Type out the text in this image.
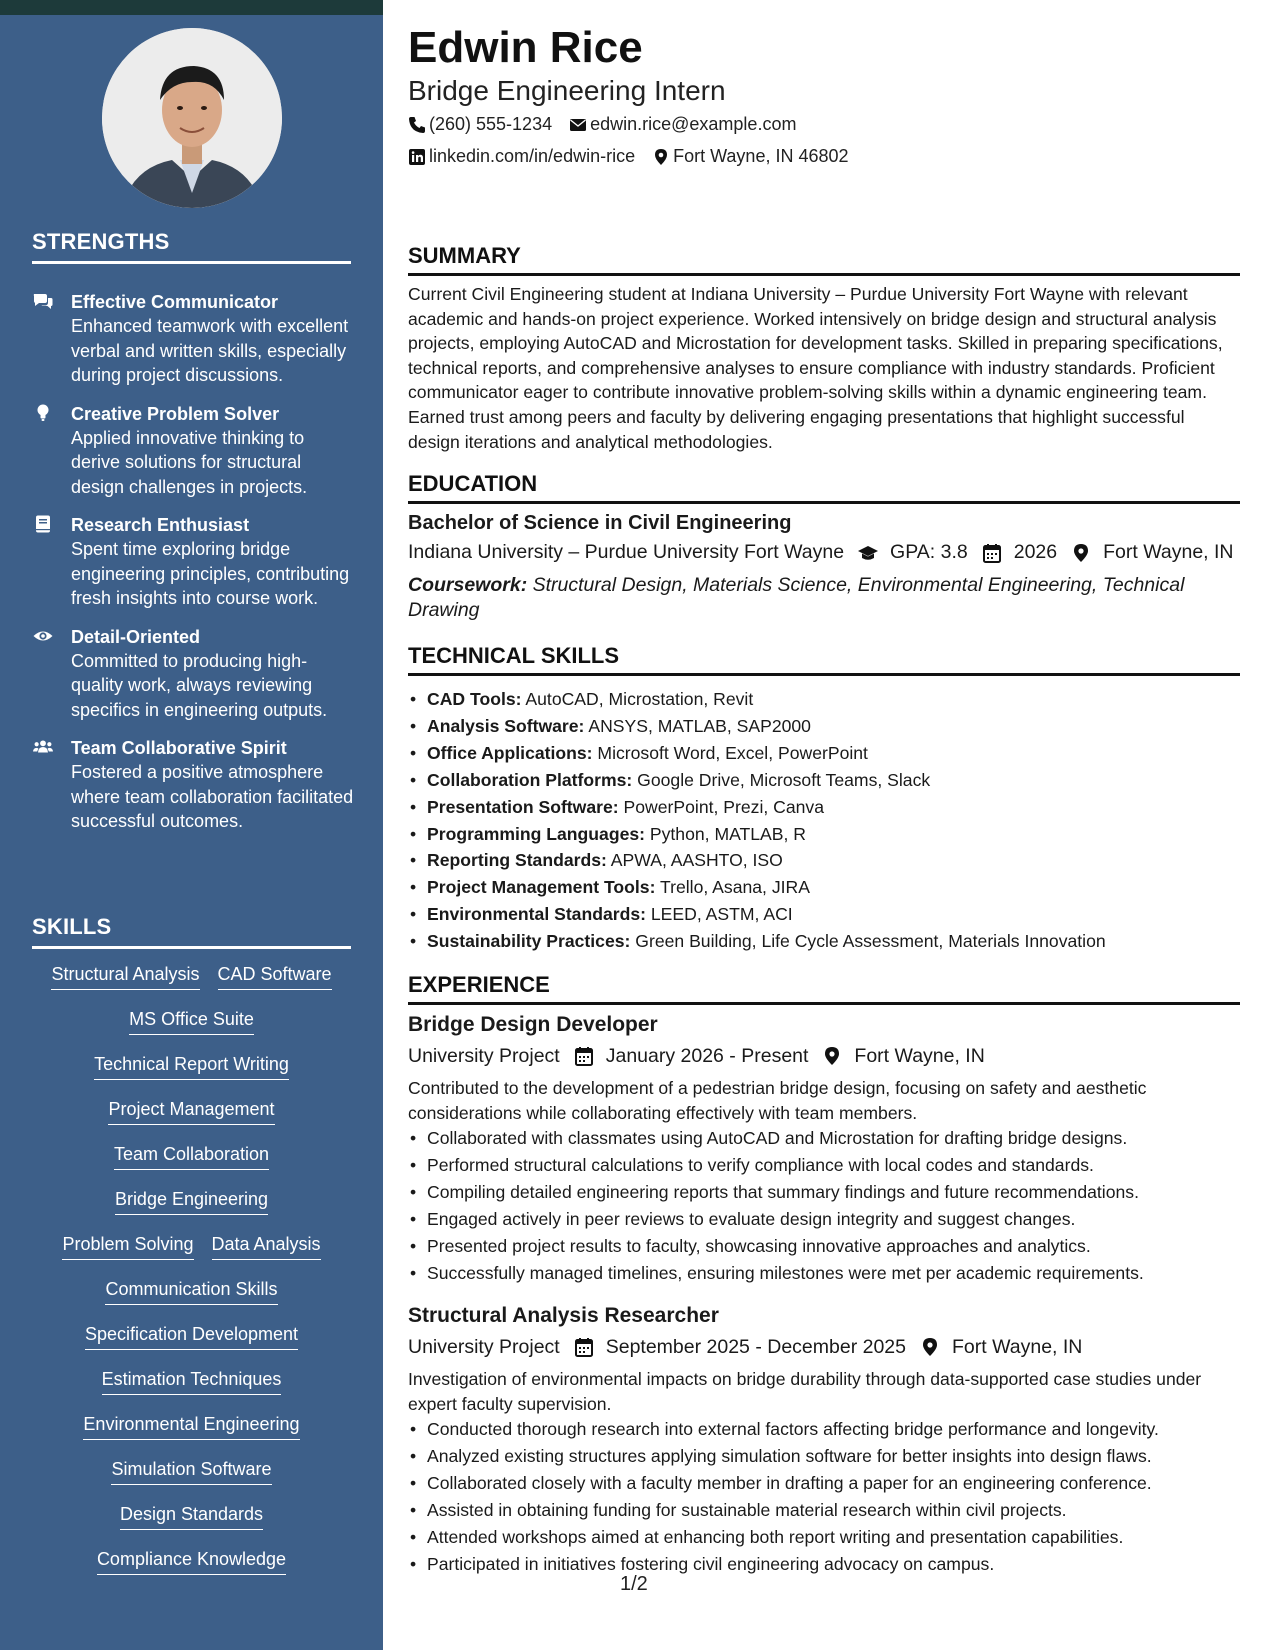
STRENGTHS
Effective Communicator
Enhanced teamwork with excellent verbal and written skills, especially during project discussions.
Creative Problem Solver
Applied innovative thinking to derive solutions for structural design challenges in projects.
Research Enthusiast
Spent time exploring bridge engineering principles, contributing fresh insights into course work.
Detail-Oriented
Committed to producing high-quality work, always reviewing specifics in engineering outputs.
Team Collaborative Spirit
Fostered a positive atmosphere where team collaboration facilitated successful outcomes.
SKILLS
Structural Analysis CAD Software
MS Office Suite
Technical Report Writing
Project Management
Team Collaboration
Bridge Engineering
Problem Solving Data Analysis
Communication Skills
Specification Development
Estimation Techniques
Environmental Engineering
Simulation Software
Design Standards
Compliance Knowledge
Edwin Rice
Bridge Engineering Intern
(260) 555-1234 edwin.rice@example.com
linkedin.com/in/edwin-rice Fort Wayne, IN 46802
SUMMARY
Current Civil Engineering student at Indiana University – Purdue University Fort Wayne with relevant academic and hands-on project experience. Worked intensively on bridge design and structural analysis projects, employing AutoCAD and Microstation for development tasks. Skilled in preparing specifications, technical reports, and comprehensive analyses to ensure compliance with industry standards. Proficient communicator eager to contribute innovative problem-solving skills within a dynamic engineering team. Earned trust among peers and faculty by delivering engaging presentations that highlight successful design iterations and analytical methodologies.
EDUCATION
Bachelor of Science in Civil Engineering
Indiana University – Purdue University Fort Wayne GPA: 3.8 2026 Fort Wayne, IN
Coursework: Structural Design, Materials Science, Environmental Engineering, Technical Drawing
TECHNICAL SKILLS
• CAD Tools: AutoCAD, Microstation, Revit
• Analysis Software: ANSYS, MATLAB, SAP2000
• Office Applications: Microsoft Word, Excel, PowerPoint
• Collaboration Platforms: Google Drive, Microsoft Teams, Slack
• Presentation Software: PowerPoint, Prezi, Canva
• Programming Languages: Python, MATLAB, R
• Reporting Standards: APWA, AASHTO, ISO
• Project Management Tools: Trello, Asana, JIRA
• Environmental Standards: LEED, ASTM, ACI
• Sustainability Practices: Green Building, Life Cycle Assessment, Materials Innovation
EXPERIENCE
Bridge Design Developer
University Project January 2026 - Present Fort Wayne, IN
Contributed to the development of a pedestrian bridge design, focusing on safety and aesthetic considerations while collaborating effectively with team members.
• Collaborated with classmates using AutoCAD and Microstation for drafting bridge designs.
• Performed structural calculations to verify compliance with local codes and standards.
• Compiling detailed engineering reports that summary findings and future recommendations.
• Engaged actively in peer reviews to evaluate design integrity and suggest changes.
• Presented project results to faculty, showcasing innovative approaches and analytics.
• Successfully managed timelines, ensuring milestones were met per academic requirements.
Structural Analysis Researcher
University Project September 2025 - December 2025 Fort Wayne, IN
Investigation of environmental impacts on bridge durability through data-supported case studies under expert faculty supervision.
• Conducted thorough research into external factors affecting bridge performance and longevity.
• Analyzed existing structures applying simulation software for better insights into design flaws.
• Collaborated closely with a faculty member in drafting a paper for an engineering conference.
• Assisted in obtaining funding for sustainable material research within civil projects.
• Attended workshops aimed at enhancing both report writing and presentation capabilities.
• Participated in initiatives fostering civil engineering advocacy on campus.
1/2
